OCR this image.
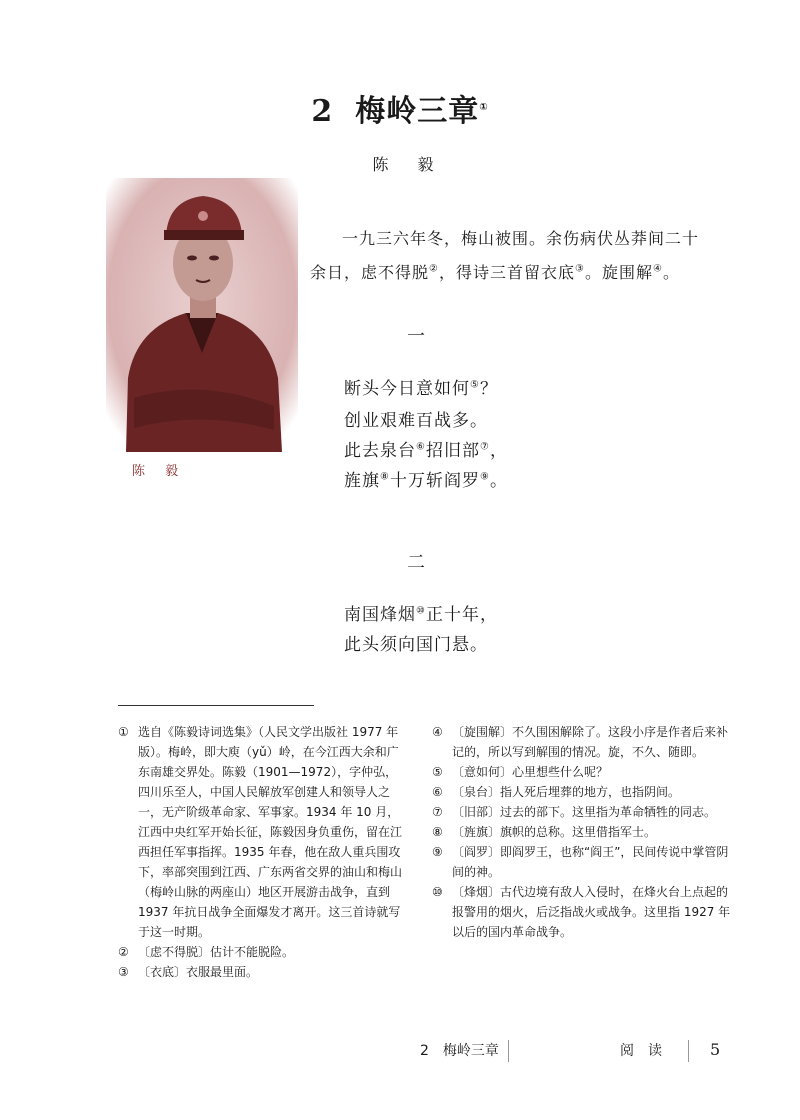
2 梅岭三章①
陈 毅
陈 毅
一九三六年冬，梅山被围。余伤病伏丛莽间二十
余日，虑不得脱②，得诗三首留衣底③。旋围解④。
一
断头今日意如何⑤？
创业艰难百战多。
此去泉台⑥招旧部⑦，
旌旗⑧十万斩阎罗⑨。
二
南国烽烟⑩正十年，
此头须向国门悬。
① 选自《陈毅诗词选集》（人民文学出版社 1977 年版）。梅岭，即大庾（yǔ）岭，在今江西大余和广东南雄交界处。陈毅（1901—1972），字仲弘，四川乐至人，中国人民解放军创建人和领导人之一，无产阶级革命家、军事家。1934 年 10 月，江西中央红军开始长征，陈毅因身负重伤，留在江西担任军事指挥。1935 年春，他在敌人重兵围攻下，率部突围到江西、广东两省交界的油山和梅山（梅岭山脉的两座山）地区开展游击战争，直到 1937 年抗日战争全面爆发才离开。这三首诗就写于这一时期。
② 〔虑不得脱〕估计不能脱险。
③ 〔衣底〕衣服最里面。
④ 〔旋围解〕不久围困解除了。这段小序是作者后来补记的，所以写到解围的情况。旋，不久、随即。
⑤ 〔意如何〕心里想些什么呢？
⑥ 〔泉台〕指人死后埋葬的地方，也指阴间。
⑦ 〔旧部〕过去的部下。这里指为革命牺牲的同志。
⑧ 〔旌旗〕旗帜的总称。这里借指军士。
⑨ 〔阎罗〕即阎罗王，也称“阎王”，民间传说中掌管阴间的神。
⑩ 〔烽烟〕古代边境有敌人入侵时，在烽火台上点起的报警用的烟火，后泛指战火或战争。这里指 1927 年以后的国内革命战争。
2　梅岭三章	阅　读	5
